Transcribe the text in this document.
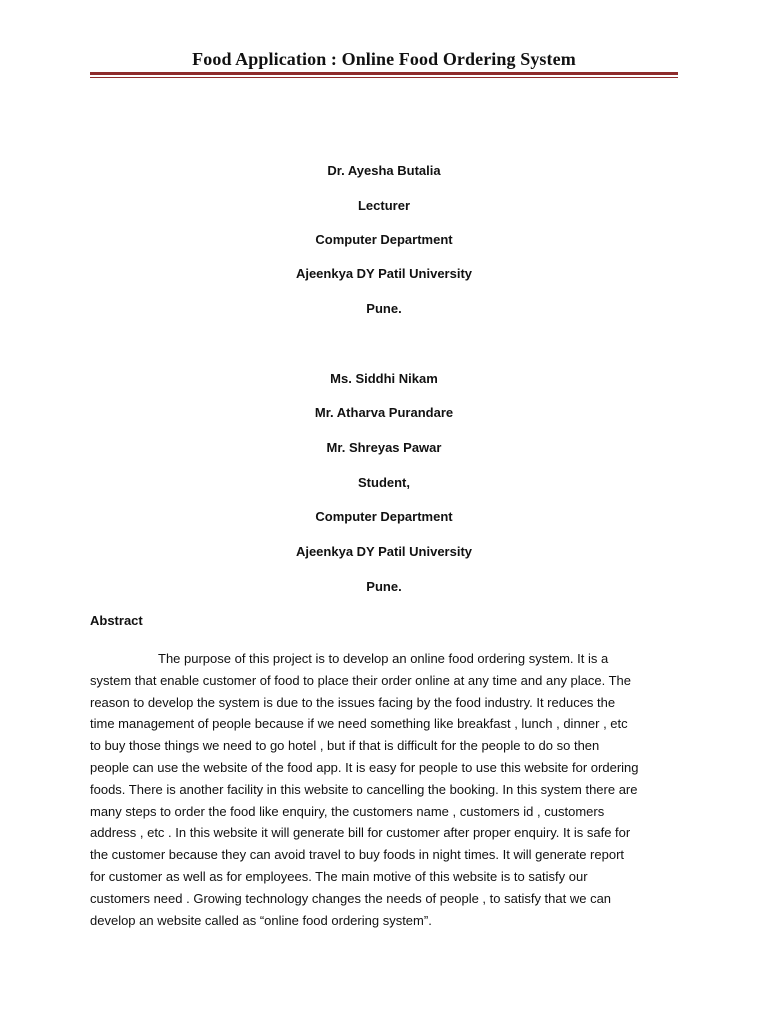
Food Application : Online Food Ordering System
Dr. Ayesha Butalia
Lecturer
Computer Department
Ajeenkya DY Patil University
Pune.
Ms. Siddhi Nikam
Mr. Atharva Purandare
Mr. Shreyas Pawar
Student,
Computer Department
Ajeenkya DY Patil University
Pune.
Abstract
The purpose of this project is to develop an online food ordering system. It is a
system that enable customer of food to place their order online at any time and any place. The
reason to develop the system is due to the issues facing by the food industry. It reduces the
time management of people because if we need something like breakfast , lunch , dinner , etc
to buy those things we need to go hotel , but if that is difficult for the people to do so then
people can use the website of the food app. It is easy for people to use this website for ordering
foods. There is another facility in this website to cancelling the booking. In this system there are
many steps to order the food like enquiry, the customers name , customers id , customers
address , etc . In this website it will generate bill for customer after proper enquiry. It is safe for
the customer because they can avoid travel to buy foods in night times. It will generate report
for customer as well as for employees. The main motive of this website is to satisfy our
customers need . Growing technology changes the needs of people , to satisfy that we can
develop an website called as “online food ordering system”.
